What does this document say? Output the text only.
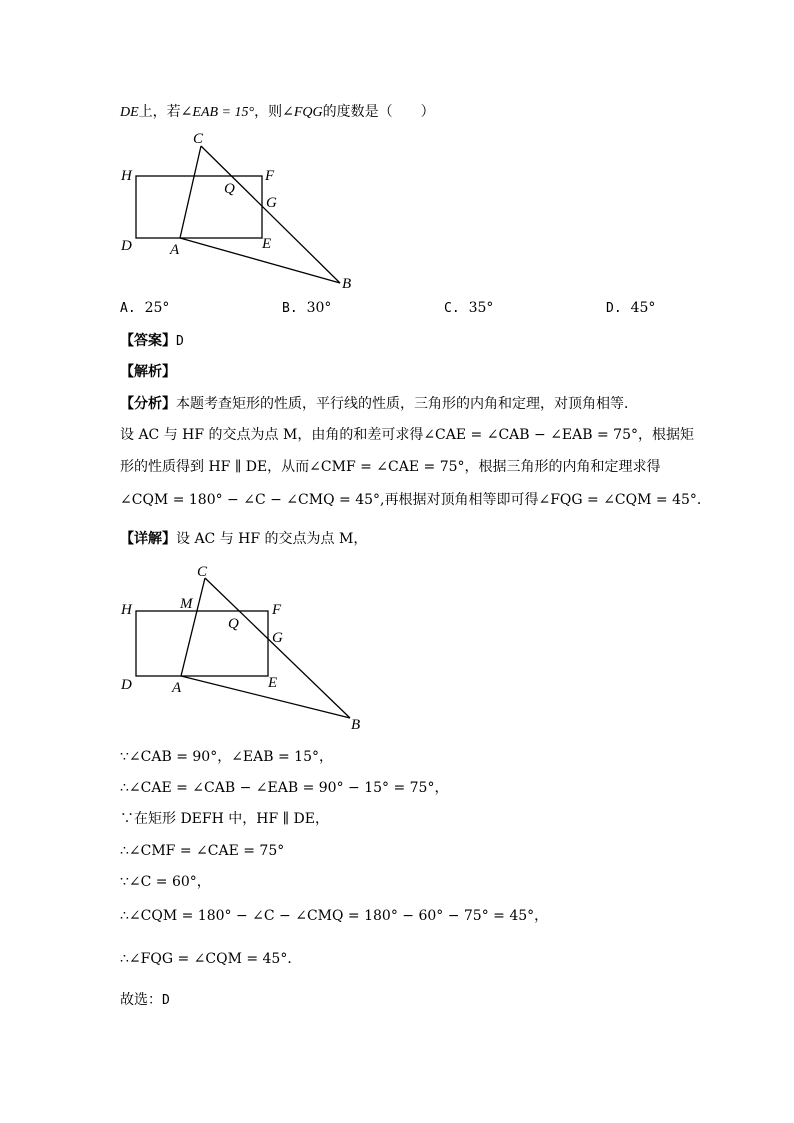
DE上，若∠EAB = 15°，则∠FQG的度数是（　　）
C
H	F
Q
G
D	A	E
B
A. 25°	B. 30°	C. 35°	D. 45°
【答案】D
【解析】
【分析】本题考查矩形的性质，平行线的性质，三角形的内角和定理，对顶角相等．
设 AC 与 HF 的交点为点 M，由角的和差可求得∠CAE = ∠CAB − ∠EAB = 75°，根据矩
形的性质得到 HF ∥ DE，从而∠CMF = ∠CAE = 75°，根据三角形的内角和定理求得
∠CQM = 180° − ∠C − ∠CMQ = 45°,再根据对顶角相等即可得∠FQG = ∠CQM = 45°．
【详解】设 AC 与 HF 的交点为点 M，
C
H	M	F
Q
G
D	A	E
B
∵∠CAB = 90°，∠EAB = 15°，
∴∠CAE = ∠CAB − ∠EAB = 90° − 15° = 75°，
∵在矩形 DEFH 中，HF ∥ DE，
∴∠CMF = ∠CAE = 75°
∵∠C = 60°，
∴∠CQM = 180° − ∠C − ∠CMQ = 180° − 60° − 75° = 45°，
∴∠FQG = ∠CQM = 45°．
故选：D
